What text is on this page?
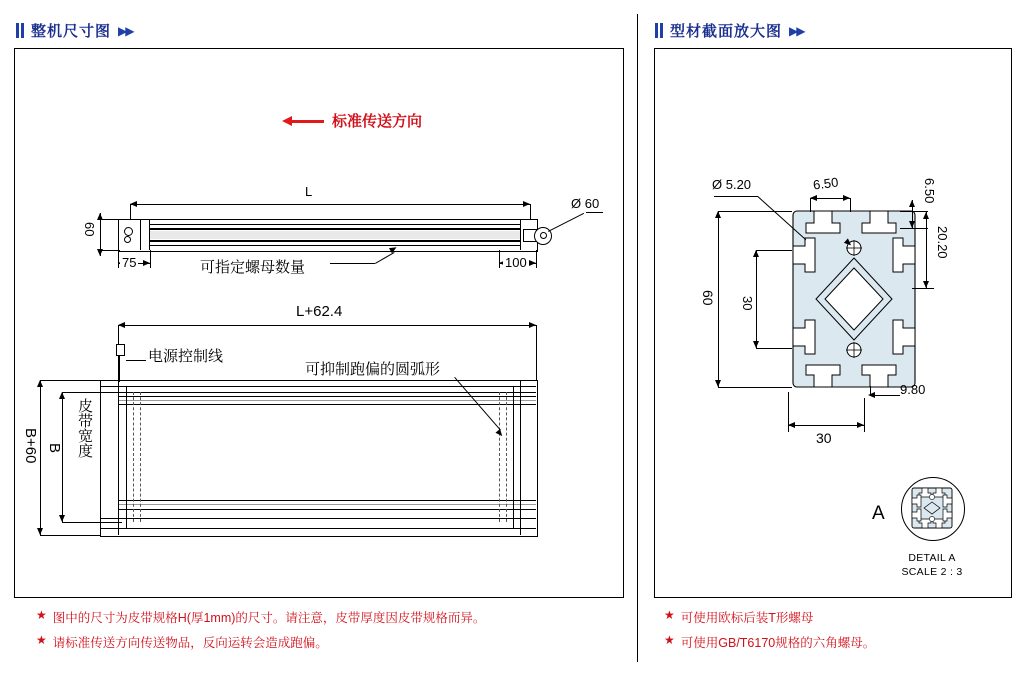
整机尺寸图 ▶▶	型材截面放大图 ▶▶
标准传送方向
L
60
75	100
Ø 60
可指定螺母数量
L+62.4
电源控制线
可抑制跑偏的圆弧形
B+60 B 皮带宽度
★ 图中的尺寸为皮带规格H(厚1mm)的尺寸。请注意，皮带厚度因皮带规格而异。
★ 请标准传送方向传送物品，反向运转会造成跑偏。
Ø 5.20	6.50	6.50
20.20
60 30
9.80
30
A
DETAIL A
SCALE 2 : 3
★ 可使用欧标后装T形螺母
★ 可使用GB/T6170规格的六角螺母。
